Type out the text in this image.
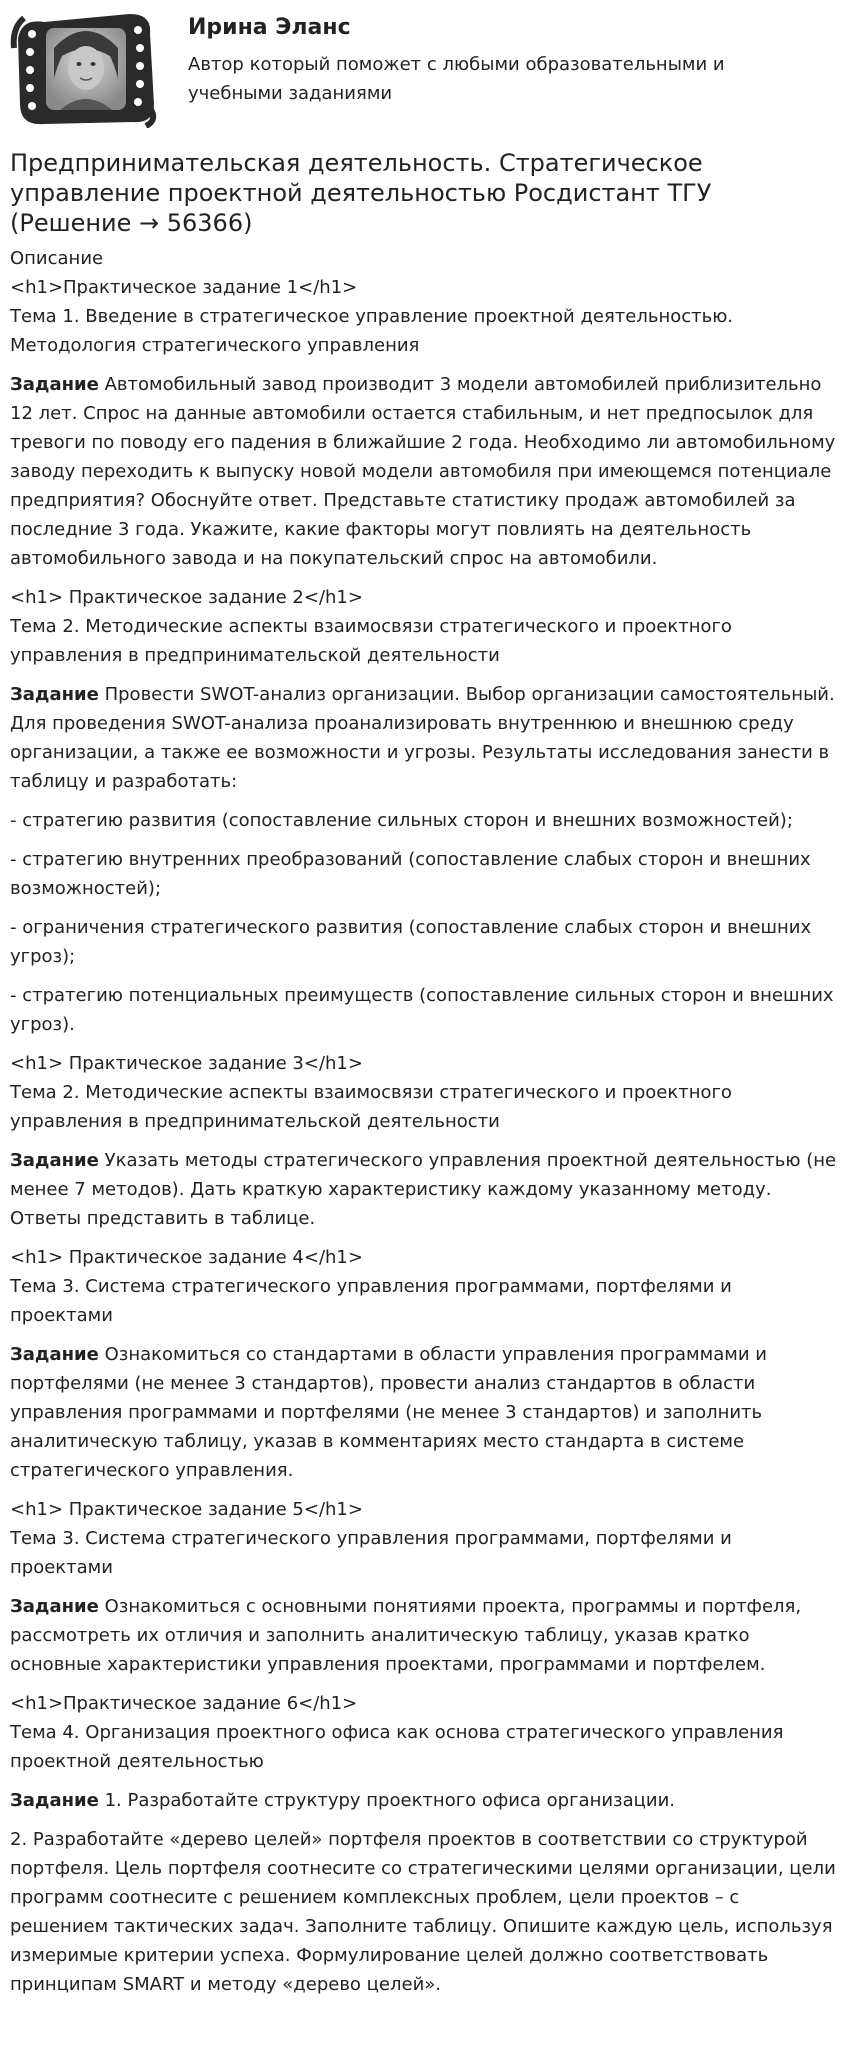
Ирина Эланс
Автор который поможет с любыми образовательными и учебными заданиями
Предпринимательская деятельность. Стратегическое управление проектной деятельностью Росдистант ТГУ (Решение → 56366)
Описание
<h1>Практическое задание 1</h1>
Тема 1. Введение в стратегическое управление проектной деятельностью. Методология стратегического управления
Задание Автомобильный завод производит 3 модели автомобилей приблизительно 12 лет. Спрос на данные автомобили остается стабильным, и нет предпосылок для тревоги по поводу его падения в ближайшие 2 года. Необходимо ли автомобильному заводу переходить к выпуску новой модели автомобиля при имеющемся потенциале предприятия? Обоснуйте ответ. Представьте статистику продаж автомобилей за последние 3 года. Укажите, какие факторы могут повлиять на деятельность автомобильного завода и на покупательский спрос на автомобили.
<h1> Практическое задание 2</h1>
Тема 2. Методические аспекты взаимосвязи стратегического и проектного управления в предпринимательской деятельности
Задание Провести SWOT-анализ организации. Выбор организации самостоятельный. Для проведения SWOT-анализа проанализировать внутреннюю и внешнюю среду организации, а также ее возможности и угрозы. Результаты исследования занести в таблицу и разработать:
- стратегию развития (сопоставление сильных сторон и внешних возможностей);
- стратегию внутренних преобразований (сопоставление слабых сторон и внешних возможностей);
- ограничения стратегического развития (сопоставление слабых сторон и внешних угроз);
- стратегию потенциальных преимуществ (сопоставление сильных сторон и внешних угроз).
<h1> Практическое задание 3</h1>
Тема 2. Методические аспекты взаимосвязи стратегического и проектного управления в предпринимательской деятельности
Задание Указать методы стратегического управления проектной деятельностью (не менее 7 методов). Дать краткую характеристику каждому указанному методу. Ответы представить в таблице.
<h1> Практическое задание 4</h1>
Тема 3. Система стратегического управления программами, портфелями и проектами
Задание Ознакомиться со стандартами в области управления программами и портфелями (не менее 3 стандартов), провести анализ стандартов в области управления программами и портфелями (не менее 3 стандартов) и заполнить аналитическую таблицу, указав в комментариях место стандарта в системе стратегического управления.
<h1> Практическое задание 5</h1>
Тема 3. Система стратегического управления программами, портфелями и проектами
Задание Ознакомиться с основными понятиями проекта, программы и портфеля, рассмотреть их отличия и заполнить аналитическую таблицу, указав кратко основные характеристики управления проектами, программами и портфелем.
<h1>Практическое задание 6</h1>
Тема 4. Организация проектного офиса как основа стратегического управления проектной деятельностью
Задание 1. Разработайте структуру проектного офиса организации.
2. Разработайте «дерево целей» портфеля проектов в соответствии со структурой портфеля. Цель портфеля соотнесите со стратегическими целями организации, цели программ соотнесите с решением комплексных проблем, цели проектов – с решением тактических задач. Заполните таблицу. Опишите каждую цель, используя измеримые критерии успеха. Формулирование целей должно соответствовать принципам SMART и методу «дерево целей».
